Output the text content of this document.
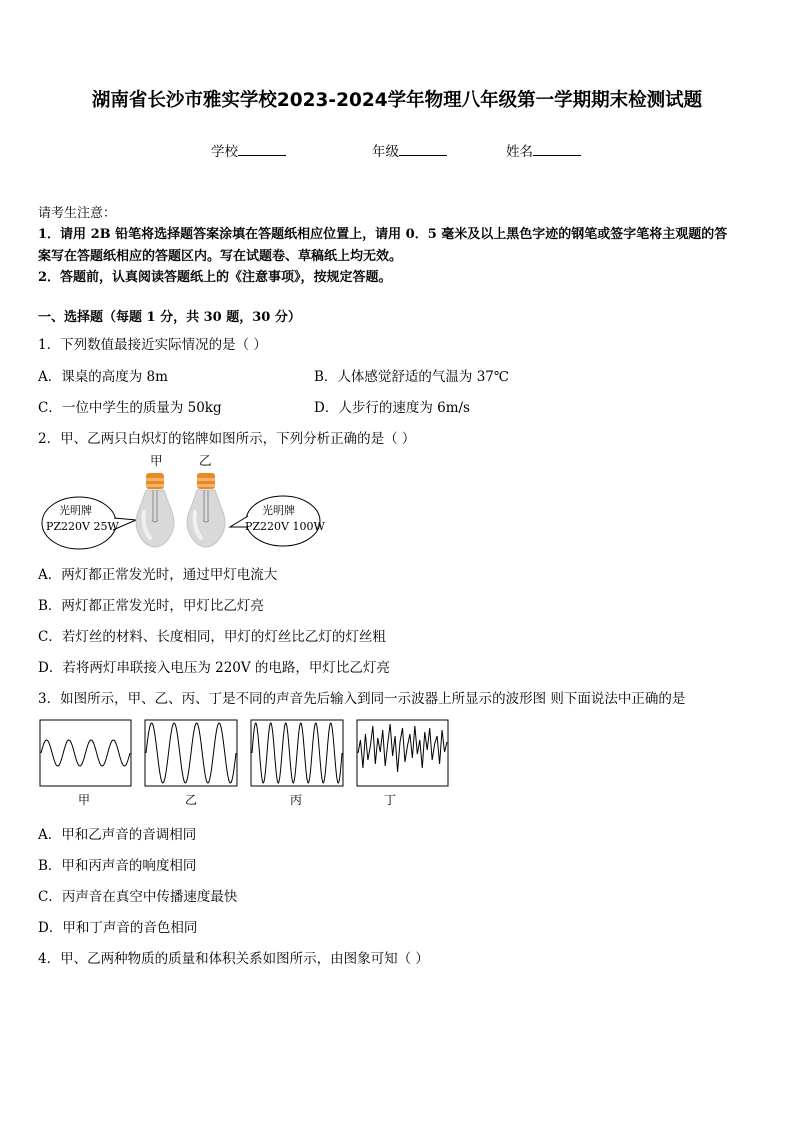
湖南省长沙市雅实学校2023-2024学年物理八年级第一学期期末检测试题
学校	年级	姓名
请考生注意：
1．请用 2B 铅笔将选择题答案涂填在答题纸相应位置上，请用 0．5 毫米及以上黑色字迹的钢笔或签字笔将主观题的答
案写在答题纸相应的答题区内。写在试题卷、草稿纸上均无效。
2．答题前，认真阅读答题纸上的《注意事项》，按规定答题。
一、选择题（每题 1 分，共 30 题，30 分）
1．下列数值最接近实际情况的是（ ）
A．课桌的高度为 8m	B．人体感觉舒适的气温为 37℃
C．一位中学生的质量为 50kg	D．人步行的速度为 6m/s
2．甲、乙两只白炽灯的铭牌如图所示，下列分析正确的是（ ）
甲	乙
光明牌
PZ220V 25W
光明牌
PZ220V 100W
A．两灯都正常发光时，通过甲灯电流大
B．两灯都正常发光时，甲灯比乙灯亮
C．若灯丝的材料、长度相同，甲灯的灯丝比乙灯的灯丝粗
D．若将两灯串联接入电压为 220V 的电路，甲灯比乙灯亮
3．如图所示，甲、乙、丙、丁是不同的声音先后输入到同一示波器上所显示的波形图 则下面说法中正确的是
甲	乙	丙	丁
A．甲和乙声音的音调相同
B．甲和丙声音的响度相同
C．丙声音在真空中传播速度最快
D．甲和丁声音的音色相同
4．甲、乙两种物质的质量和体积关系如图所示，由图象可知（ ）
